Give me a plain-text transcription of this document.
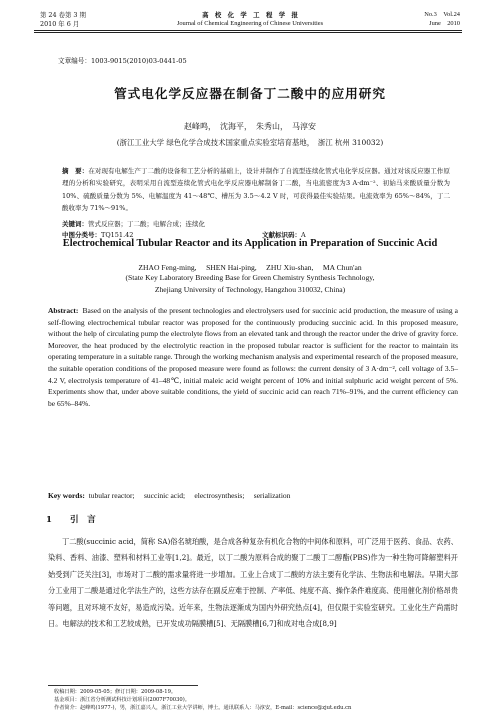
第 24 卷第 3 期
2010 年 6 月
高　校　化　学　工　程　学　报
Journal of Chemical Engineering of Chinese Universities
No.3　Vol.24
June　2010
文章编号：1003-9015(2010)03-0441-05
管式电化学反应器在制备丁二酸中的应用研究
赵峰鸣，　沈海平，　朱秀山，　马淳安
(浙江工业大学 绿色化学合成技术国家重点实验室培育基地，　浙江 杭州 310032)
摘　要：在对现有电解生产丁二酸的设备和工艺分析的基础上，设计并制作了自流型连续化管式电化学反应器。通过对该反应器工作原理的分析和实验研究，表明采用自流型连续化管式电化学反应器电解制备丁二酸，当电流密度为3 A·dm⁻²、初始马来酸质量分数为 10%、硫酸质量分数为 5%、电解温度为 41～48℃、槽压为 3.5～4.2 V 时，可获得最佳实验结果。电流效率为 65%～84%，丁二酸收率为 71%～91%。
关键词：管式反应器；丁二酸；电解合成；连续化
中图分类号：TQ151.42	文献标识码：A
Electrochemical Tubular Reactor and its Application in Preparation of Succinic Acid
ZHAO Feng-ming,　 SHEN Hai-ping,　 ZHU Xiu-shan,　 MA Chun'an
(State Key Laboratory Breeding Base for Green Chemistry Synthesis Technology,
Zhejiang University of Technology, Hangzhou 310032, China)
Abstract: Based on the analysis of the present technologies and electrolysers used for succinic acid production, the measure of using a self-flowing electrochemical tubular reactor was proposed for the continuously producing succinic acid. In this proposed measure, without the help of circulating pump the electrolyte flows from an elevated tank and through the reactor under the drive of gravity force. Moreover, the heat produced by the electrolytic reaction in the proposed tubular reactor is sufficient for the reactor to maintain its operating temperature in a suitable range. Through the working mechanism analysis and experimental research of the proposed measure, the suitable operation conditions of the proposed measure were found as follows: the current density of 3 A·dm⁻², cell voltage of 3.5–4.2 V, electrolysis temperature of 41–48℃, initial maleic acid weight percent of 10% and initial sulphuric acid weight percent of 5%. Experiments show that, under above suitable conditions, the yield of succinic acid can reach 71%–91%, and the current efficiency can be 65%–84%.
Key words: tubular reactor;　 succinic acid;　 electrosynthesis;　 serialization
1 引　言
丁二酸(succinic acid，简称 SA)俗名琥珀酸，是合成各种复杂有机化合物的中间体和原料，可广泛用于医药、食品、农药、染料、香料、油漆、塑料和材料工业等[1,2]。最近，以丁二酸为原料合成的聚丁二酸丁二醇酯(PBS)作为一种生物可降解塑料开始受到广泛关注[3]，市场对丁二酸的需求量将进一步增加。工业上合成丁二酸的方法主要有化学法、生物法和电解法。早期大部分工业用丁二酸是通过化学法生产的，这些方法存在副反应难于控制、产率低、纯度不高、操作条件难度高、使用催化剂价格昂贵等问题，且对环境不友好，易造成污染。近年来，生物法逐渐成为国内外研究热点[4]，但仅限于实验室研究。工业化生产尚需时日。电解法的技术和工艺较成熟，已开发成功隔膜槽[5]、无隔膜槽[6,7]和成对电合成[8,9]
收稿日期：2009-05-05；修订日期：2009-08-19。
基金项目：浙江省分析测试科技计划项目(2007F70030)。
作者简介：赵峰鸣(1977-)，男，浙江嘉兴人，浙江工业大学讲师，博士。通讯联系人：马淳安，E-mail：science@zjut.edu.cn
